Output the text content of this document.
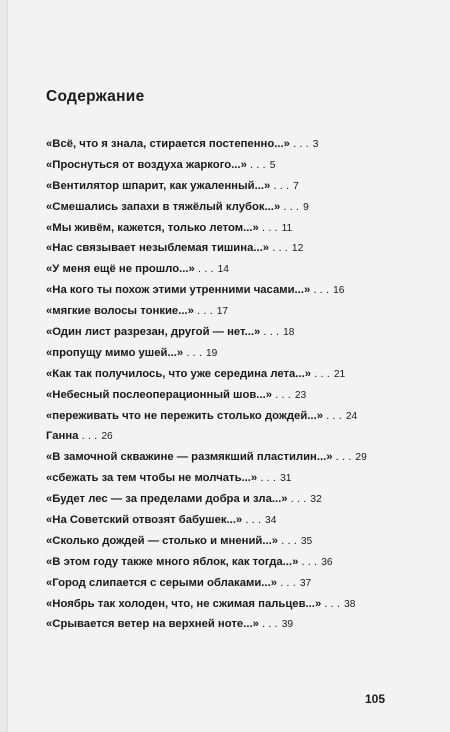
Содержание
«Всё, что я знала, стирается постепенно...» . . . 3
«Проснуться от воздуха жаркого...» . . . 5
«Вентилятор шпарит, как ужаленный...» . . . 7
«Смешались запахи в тяжёлый клубок...» . . . 9
«Мы живём, кажется, только летом...» . . . 11
«Нас связывает незыблемая тишина...» . . . 12
«У меня ещё не прошло...» . . . 14
«На кого ты похож этими утренними часами...» . . . 16
«мягкие волосы тонкие...» . . . 17
«Один лист разрезан, другой — нет...» . . . 18
«пропущу мимо ушей...» . . . 19
«Как так получилось, что уже середина лета...» . . . 21
«Небесный послеоперационный шов...» . . . 23
«переживать что не пережить столько дождей...» . . . 24
Ганна . . . 26
«В замочной скважине — размякший пластилин...» . . . 29
«сбежать за тем чтобы не молчать...» . . . 31
«Будет лес — за пределами добра и зла...» . . . 32
«На Советский отвозят бабушек...» . . . 34
«Сколько дождей — столько и мнений...» . . . 35
«В этом году также много яблок, как тогда...» . . . 36
«Город слипается с серыми облаками...» . . . 37
«Ноябрь так холоден, что, не сжимая пальцев...» . . . 38
«Срывается ветер на верхней ноте...» . . . 39
105
